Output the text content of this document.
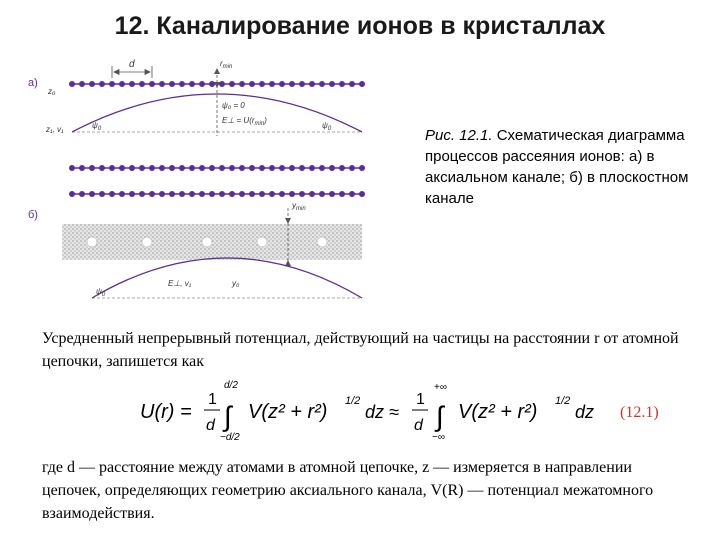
12. Каналирование ионов в кристаллах
а)
б)
d	$r_{min}$
z₀
z₁, v₁	$\psi_0$	$\psi_0$
ψ₀ = 0
E⊥ = $U(r_{min})$
$y_{min}$
$\psi_0$
E⊥, v₁	y₀
Рис. 12.1. Схематическая диаграмма процессов рассеяния ионов: а) в аксиальном канале; б) в плоскостном канале
Усредненный непрерывный потенциал, действующий на частицы на расстоянии r от атомной цепочки, запишется как
U(r) =
1
d
d/2
∫
−d/2
V(z² + r²) 1/2
dz ≈
1
d
+∞
∫
−∞
V(z² + r²) 1/2
dz (12.1)
где d — расстояние между атомами в атомной цепочке, z — измеряется в направлении цепочек, определяющих геометрию аксиального канала, V(R) — потенциал межатомного взаимодействия.
